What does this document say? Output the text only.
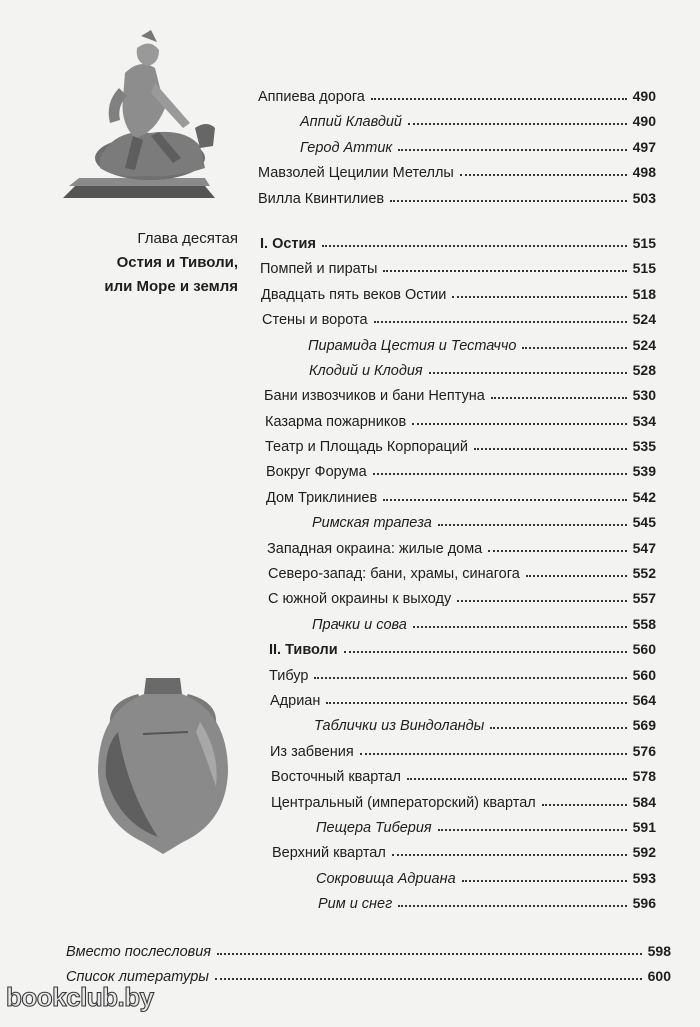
Глава десятая
Остия и Тиволи,
или Море и земля
Аппиева дорога	490
Аппий Клавдий	490
Герод Аттик	497
Мавзолей Цецилии Метеллы	498
Вилла Квинтилиев	503
I. Остия	515
Помпей и пираты	515
Двадцать пять веков Остии	518
Стены и ворота	524
Пирамида Цестия и Тестаччо	524
Клодий и Клодия	528
Бани извозчиков и бани Нептуна	530
Казарма пожарников	534
Театр и Площадь Корпораций	535
Вокруг Форума	539
Дом Триклиниев	542
Римская трапеза	545
Западная окраина: жилые дома	547
Северо-запад: бани, храмы, синагога	552
С южной окраины к выходу	557
Прачки и сова	558
II. Тиволи	560
Тибур	560
Адриан	564
Таблички из Виндоланды	569
Из забвения	576
Восточный квартал	578
Центральный (императорский) квартал	584
Пещера Тиберия	591
Верхний квартал	592
Сокровища Адриана	593
Рим и снег	596
Вместо послесловия	598
Список литературы	600
bookclub.by
